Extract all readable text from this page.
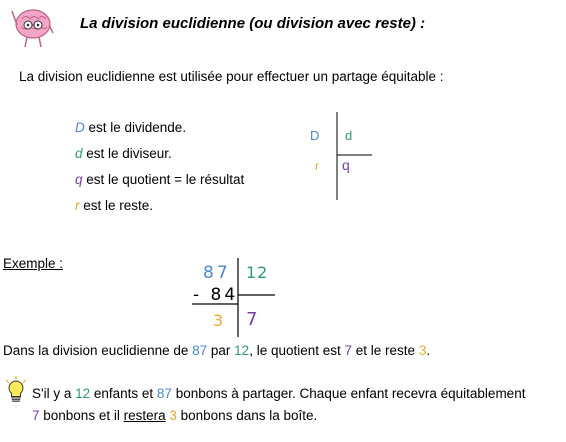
La division euclidienne (ou division avec reste) :
La division euclidienne est utilisée pour effectuer un partage équitable :
D est le dividende.
d est le diviseur.
q est le quotient = le résultat
r est le reste.
D d
r q
Exemple :	87
- 84
12
3 7
Dans la division euclidienne de 87 par 12, le quotient est 7 et le reste 3.
S'il y a 12 enfants et 87 bonbons à partager. Chaque enfant recevra équitablement
7 bonbons et il restera 3 bonbons dans la boîte.
